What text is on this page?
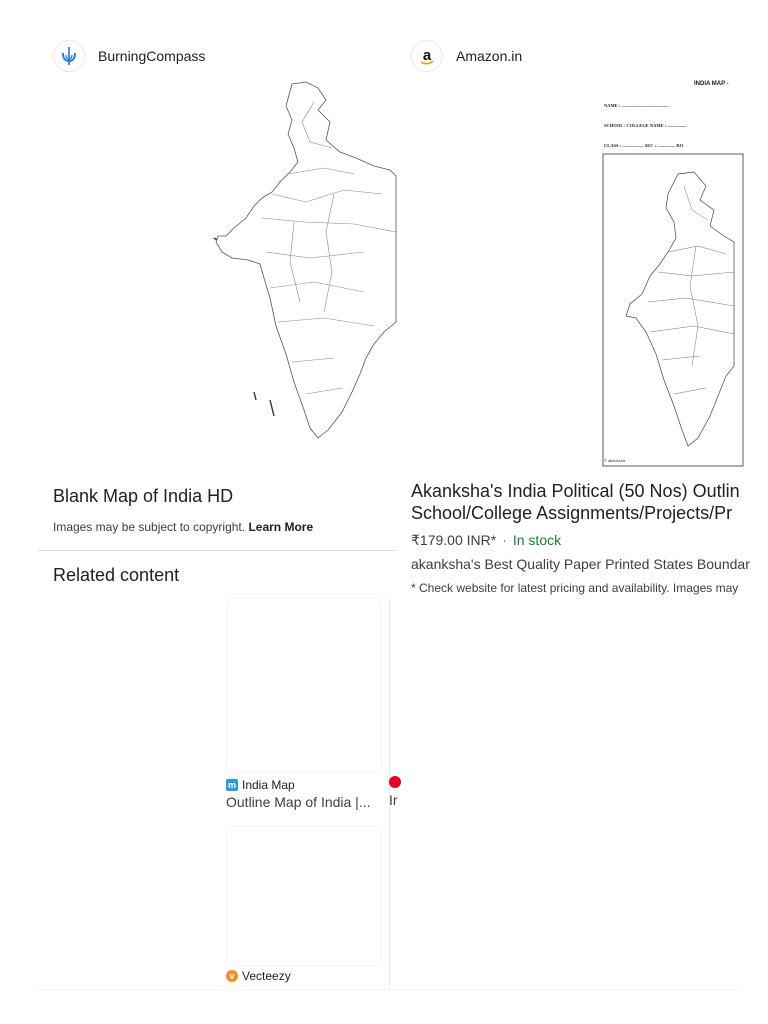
BurningCompass
Blank Map of India HD
Images may be subject to copyright. Learn More
Related content
m India Map
Outline Map of India |...
v Vecteezy
Ir
a Amazon.in
INDIA MAP -
NAME : ..........................................
SCHOOL / COLLEGE NAME : .................
CLASS : ................... SEC : ................ RO
© akanksha
Akanksha's India Political (50 Nos) Outlin
School/College Assignments/Projects/Pr
₹179.00 INR* · In stock
akanksha's Best Quality Paper Printed States Boundar
* Check website for latest pricing and availability. Images may
